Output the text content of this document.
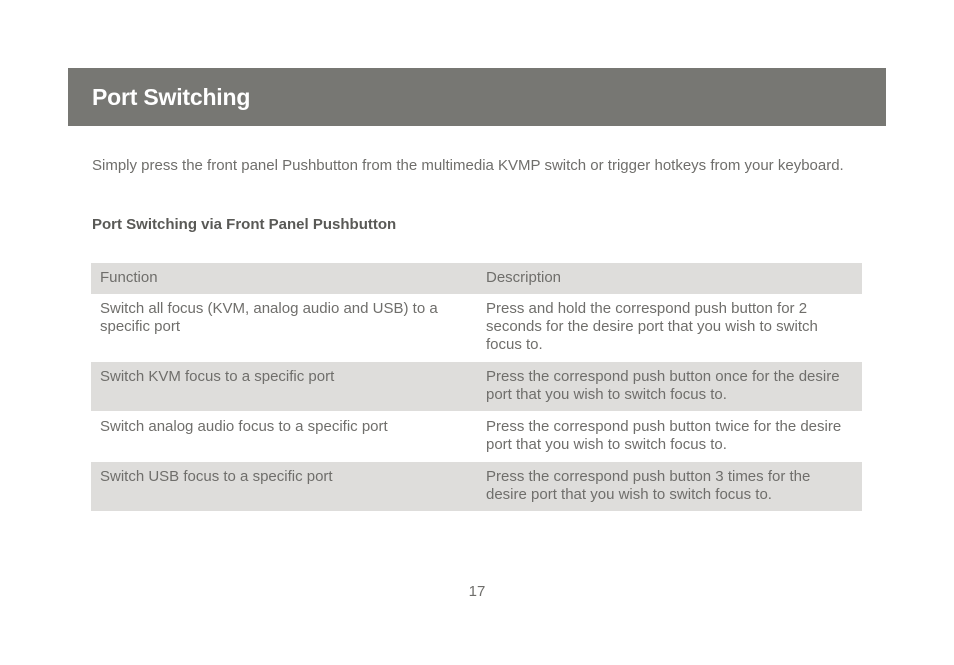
Port Switching

Simply press the front panel Pushbutton from the multimedia KVMP switch or trigger hotkeys from your keyboard.

Port Switching via Front Panel Pushbutton

Function	Description
Switch all focus (KVM, analog audio and USB) to a specific port	Press and hold the correspond push button for 2 seconds for the desire port that you wish to switch focus to.
Switch KVM focus to a specific port	Press the correspond push button once for the desire port that you wish to switch focus to.
Switch analog audio focus to a specific port	Press the correspond push button twice for the desire port that you wish to switch focus to.
Switch USB focus to a specific port	Press the correspond push button 3 times for the desire port that you wish to switch focus to.
17
